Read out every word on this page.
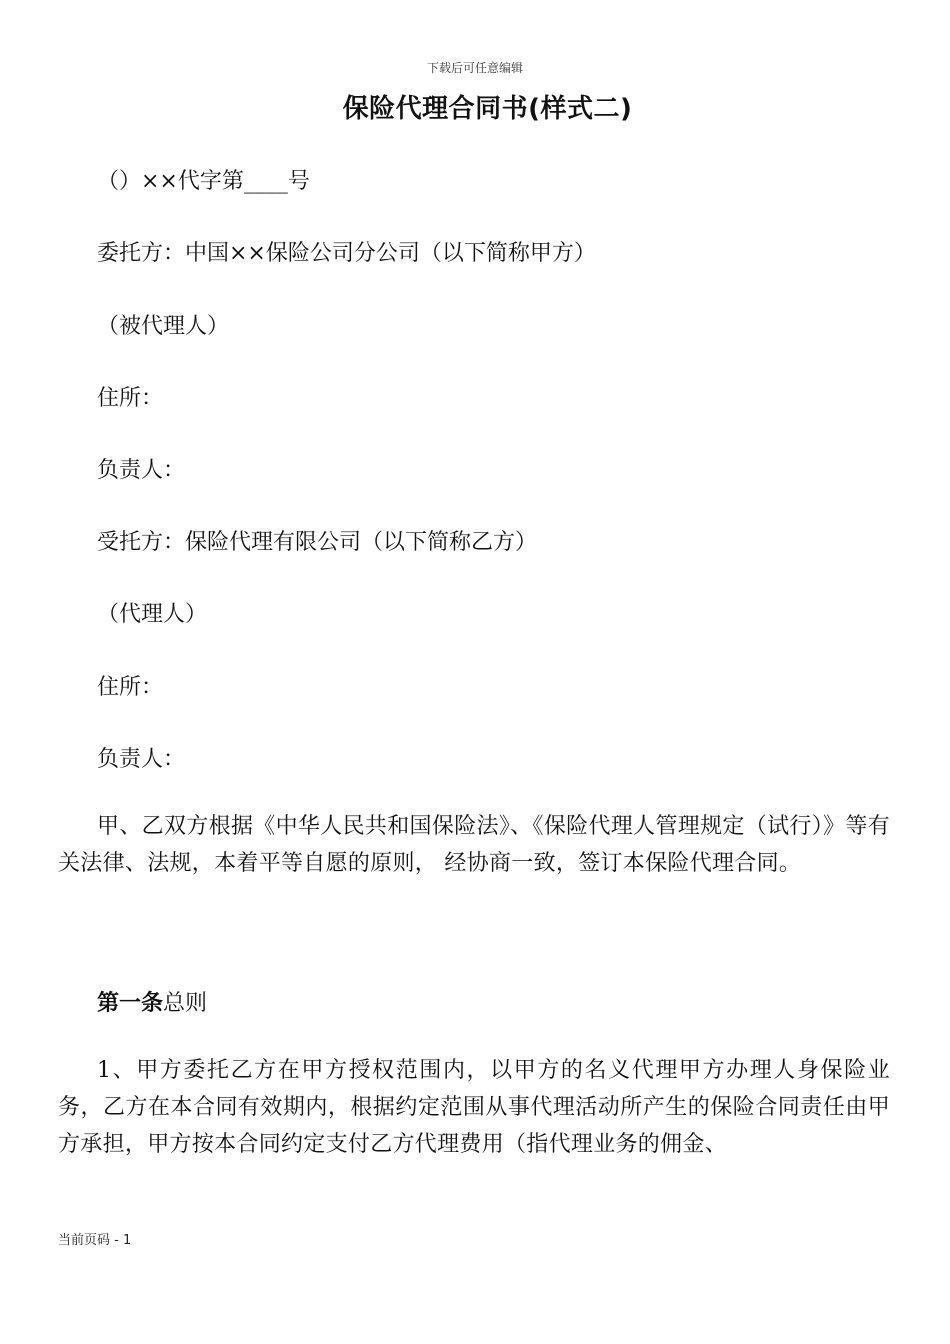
下载后可任意编辑
保险代理合同书(样式二)
（）××代字第____号
委托方：中国××保险公司分公司（以下简称甲方）
（被代理人）
住所：
负责人：
受托方：保险代理有限公司（以下简称乙方）
（代理人）
住所：
负责人：
甲、乙双方根据《中华人民共和国保险法》、《保险代理人管理规定（试行）》等有关法律、法规，本着平等自愿的原则， 经协商一致，签订本保险代理合同。
第一条总则
1、甲方委托乙方在甲方授权范围内，以甲方的名义代理甲方办理人身保险业务，乙方在本合同有效期内，根据约定范围从事代理活动所产生的保险合同责任由甲方承担，甲方按本合同约定支付乙方代理费用（指代理业务的佣金、
当前页码 - 1
